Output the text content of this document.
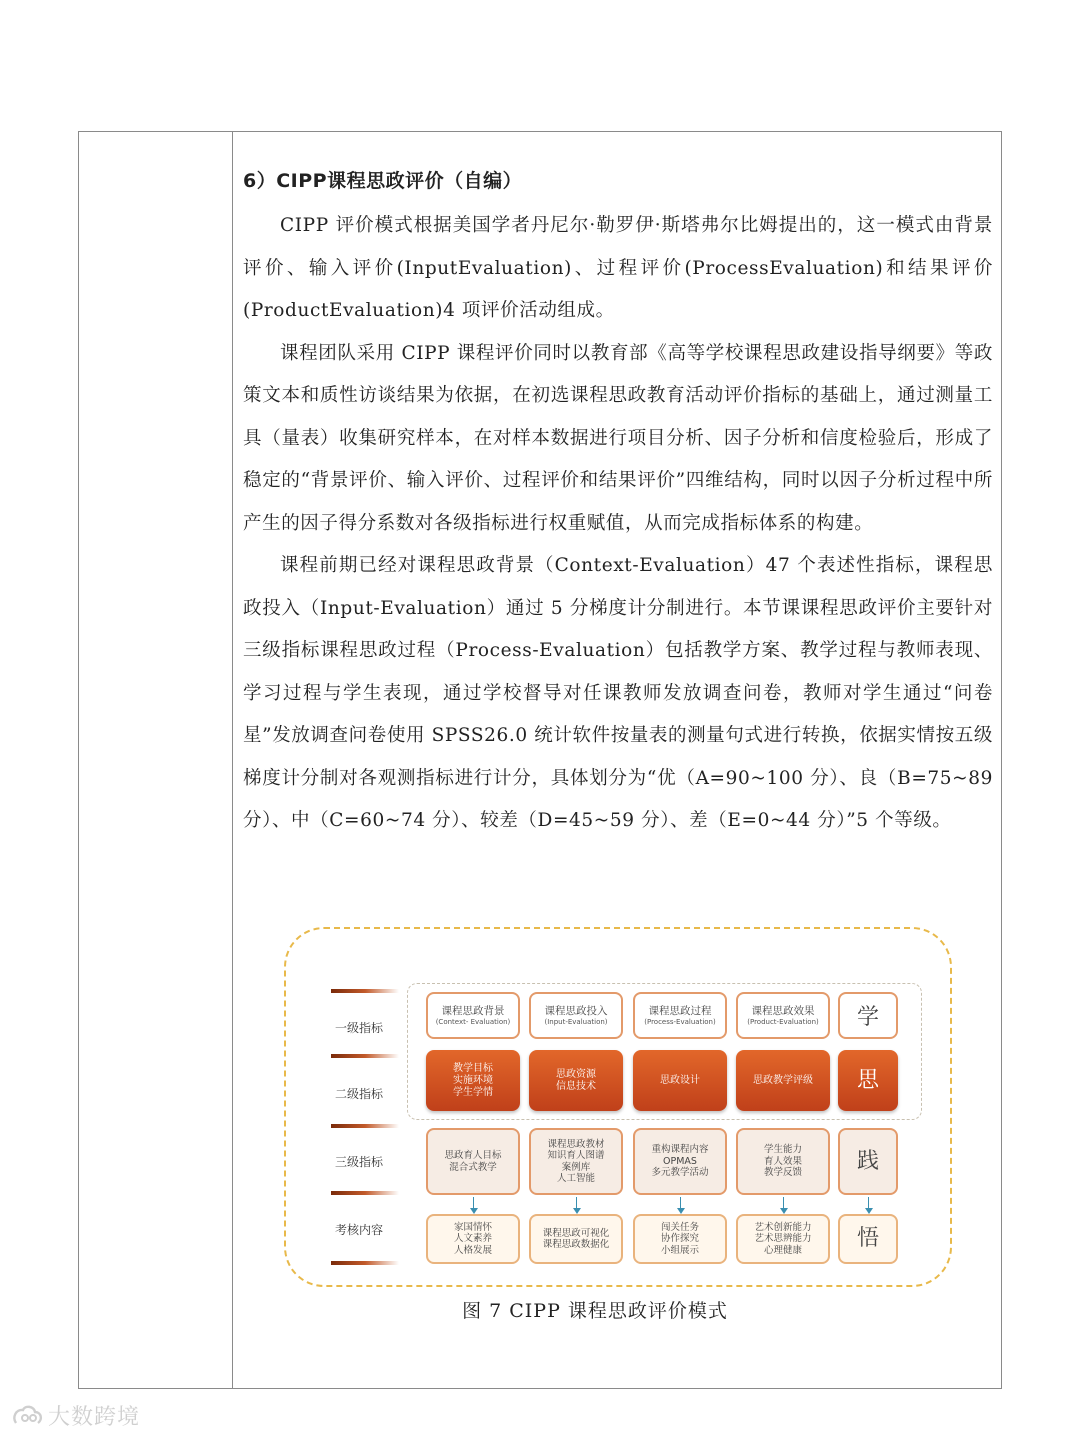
6）CIPP课程思政评价（自编）

CIPP 评价模式根据美国学者丹尼尔·勒罗伊·斯塔弗尔比姆提出的，这一模式由背景评价、输入评价(InputEvaluation)、过程评价(ProcessEvaluation)和结果评价(ProductEvaluation)4 项评价活动组成。

课程团队采用 CIPP 课程评价同时以教育部《高等学校课程思政建设指导纲要》等政策文本和质性访谈结果为依据，在初选课程思政教育活动评价指标的基础上，通过测量工具（量表）收集研究样本，在对样本数据进行项目分析、因子分析和信度检验后，形成了稳定的“背景评价、输入评价、过程评价和结果评价”四维结构，同时以因子分析过程中所产生的因子得分系数对各级指标进行权重赋值，从而完成指标体系的构建。

课程前期已经对课程思政背景（Context-Evaluation）47 个表述性指标，课程思政投入（Input-Evaluation）通过 5 分梯度计分制进行。本节课课程思政评价主要针对三级指标课程思政过程（Process-Evaluation）包括教学方案、教学过程与教师表现、学习过程与学生表现，通过学校督导对任课教师发放调查问卷，教师对学生通过“问卷星”发放调查问卷使用 SPSS26.0 统计软件按量表的测量句式进行转换，依据实情按五级梯度计分制对各观测指标进行计分，具体划分为“优（A=90~100 分）、良（B=75~89 分）、中（C=60~74 分）、较差（D=45~59 分）、差（E=0~44 分）”5 个等级。

一级指标
二级指标
三级指标
考核内容
课程思政背景
(Context- Evaluation)
课程思政投入
(Input-Evaluation)
课程思政过程
(Process-Evaluation)
课程思政效果
(Product-Evaluation)	学
教学目标
实施环境
学生学情
思政资源
信息技术
思政设计	思政教学评级	思
思政育人目标
混合式教学
课程思政教材
知识育人图谱
案例库
人工智能
重构课程内容
OPMAS
多元教学活动
学生能力
育人效果
教学反馈	践
家国情怀
人文素养
人格发展
课程思政可视化
课程思政数据化
闯关任务
协作探究
小组展示
艺术创新能力
艺术思辨能力
心理健康	悟
图 7 CIPP 课程思政评价模式
大数跨境
